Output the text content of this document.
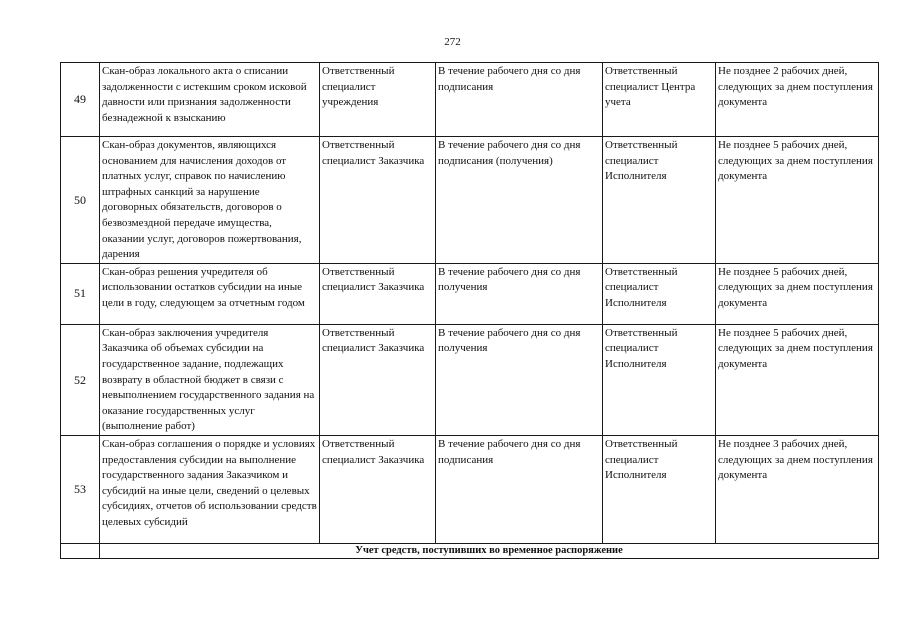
272
49	Скан-образ локального акта о списании задолженности с истекшим сроком исковой давности или признания задолженности безнадежной к взысканию	Ответственный специалист учреждения	В течение рабочего дня со дня подписания	Ответственный специалист Центра учета	Не позднее 2 рабочих дней, следующих за днем поступления документа
50	Скан-образ документов, являющихся основанием для начисления доходов от платных услуг, справок по начислению штрафных санкций за нарушение договорных обязательств, договоров о безвозмездной передаче имущества, оказании услуг, договоров пожертвования, дарения	Ответственный специалист Заказчика	В течение рабочего дня со дня подписания (получения)	Ответственный специалист Исполнителя	Не позднее 5 рабочих дней, следующих за днем поступления документа
51	Скан-образ решения учредителя об использовании остатков субсидии на иные цели в году, следующем за отчетным годом	Ответственный специалист Заказчика	В течение рабочего дня со дня получения	Ответственный специалист Исполнителя	Не позднее 5 рабочих дней, следующих за днем поступления документа
52	Скан-образ заключения учредителя Заказчика об объемах субсидии на государственное задание, подлежащих возврату в областной бюджет в связи с невыполнением государственного задания на оказание государственных услуг (выполнение работ)	Ответственный специалист Заказчика	В течение рабочего дня со дня получения	Ответственный специалист Исполнителя	Не позднее 5 рабочих дней, следующих за днем поступления документа
53	Скан-образ соглашения о порядке и условиях предоставления субсидии на выполнение государственного задания Заказчиком и субсидий на иные цели, сведений о целевых субсидиях, отчетов об использовании средств целевых субсидий	Ответственный специалист Заказчика	В течение рабочего дня со дня подписания	Ответственный специалист Исполнителя	Не позднее 3 рабочих дней, следующих за днем поступления документа
	Учет средств, поступивших во временное распоряжение				
